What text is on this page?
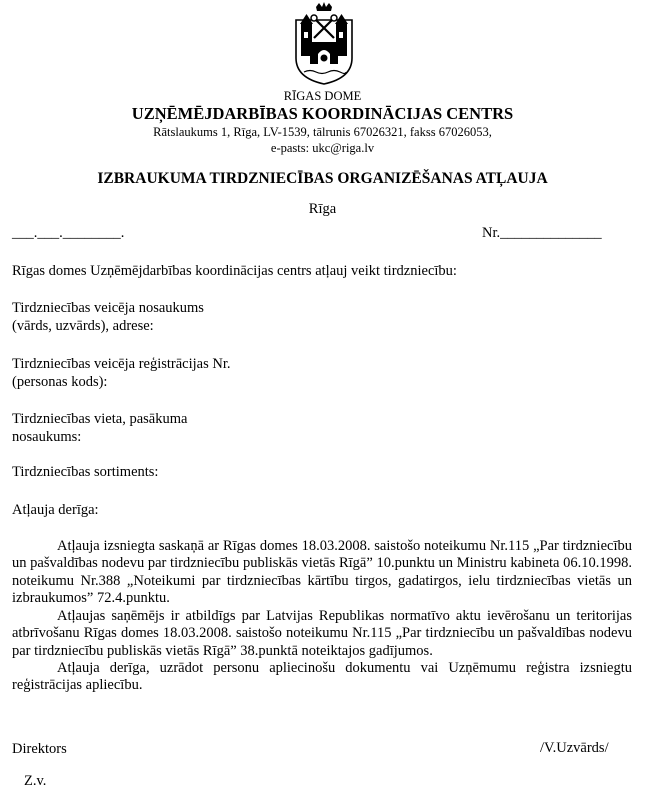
RĪGAS DOME
UZŅĒMĒJDARBĪBAS KOORDINĀCIJAS CENTRS
Rātslaukums 1, Rīga, LV-1539, tālrunis 67026321, fakss 67026053,
e-pasts: ukc@riga.lv
IZBRAUKUMA TIRDZNIECĪBAS ORGANIZĒŠANAS ATĻAUJA
Rīga
___.___.________.	Nr.______________
Rīgas domes Uzņēmējdarbības koordinācijas centrs atļauj veikt tirdzniecību:
Tirdzniecības veicēja nosaukums
(vārds, uzvārds), adrese:
Tirdzniecības veicēja reģistrācijas Nr.
(personas kods):
Tirdzniecības vieta, pasākuma
nosaukums:
Tirdzniecības sortiments:
Atļauja derīga:

Atļauja izsniegta saskaņā ar Rīgas domes 18.03.2008. saistošo noteikumu Nr.115 „Par tirdzniecību un pašvaldības nodevu par tirdzniecību publiskās vietās Rīgā” 10.punktu un Ministru kabineta 06.10.1998. noteikumu Nr.388 „Noteikumi par tirdzniecības kārtību tirgos, gadatirgos, ielu tirdzniecības vietās un izbraukumos” 72.4.punktu.

Atļaujas saņēmējs ir atbildīgs par Latvijas Republikas normatīvo aktu ievērošanu un teritorijas atbrīvošanu Rīgas domes 18.03.2008. saistošo noteikumu Nr.115 „Par tirdzniecību un pašvaldības nodevu par tirdzniecību publiskās vietās Rīgā” 38.punktā noteiktajos gadījumos.

Atļauja derīga, uzrādot personu apliecinošu dokumentu vai Uzņēmumu reģistra izsniegtu reģistrācijas apliecību.

Direktors	/V.Uzvārds/
Z.v.
